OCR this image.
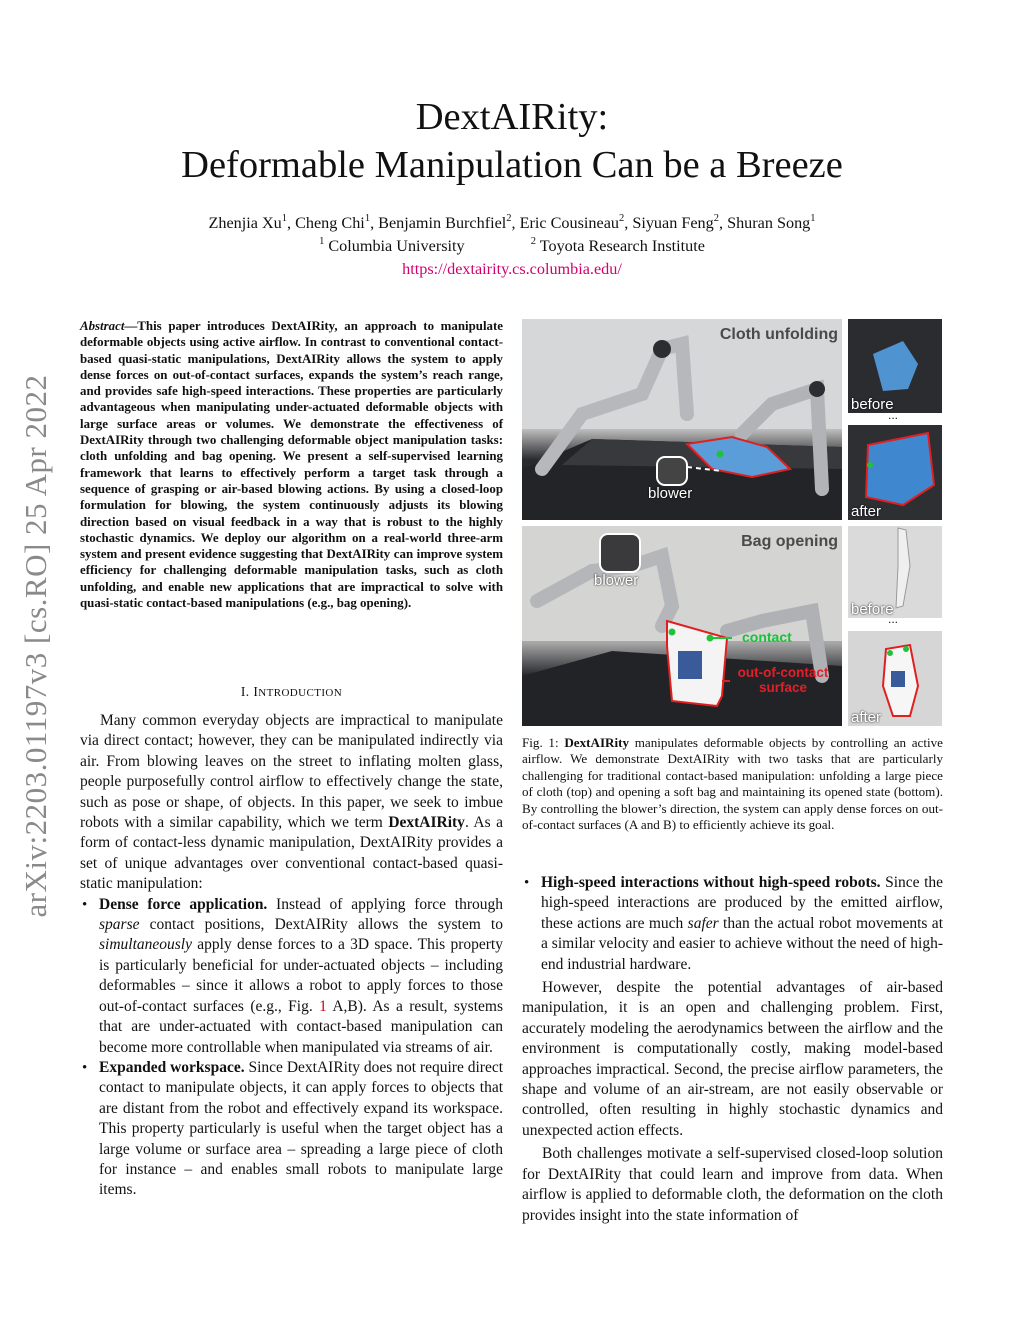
arXiv:2203.01197v3 [cs.RO] 25 Apr 2022
DextAIRity:
Deformable Manipulation Can be a Breeze
Zhenjia Xu$^1$, Cheng Chi$^1$, Benjamin Burchfiel$^2$, Eric Cousineau$^2$, Siyuan Feng$^2$, Shuran Song$^1$
$^1$ Columbia University	$^2$ Toyota Research Institute
https://dextairity.cs.columbia.edu/
Abstract—This paper introduces DextAIRity, an approach to manipulate deformable objects using active airflow. In contrast to conventional contact-based quasi-static manipulations, DextAIRity allows the system to apply dense forces on out-of-contact surfaces, expands the system’s reach range, and provides safe high-speed interactions. These properties are particularly advantageous when manipulating under-actuated deformable objects with large surface areas or volumes. We demonstrate the effectiveness of DextAIRity through two challenging deformable object manipulation tasks: cloth unfolding and bag opening. We present a self-supervised learning framework that learns to effectively perform a target task through a sequence of grasping or air-based blowing actions. By using a closed-loop formulation for blowing, the system continuously adjusts its blowing direction based on visual feedback in a way that is robust to the highly stochastic dynamics. We deploy our algorithm on a real-world three-arm system and present evidence suggesting that DextAIRity can improve system efficiency for challenging deformable manipulation tasks, such as cloth unfolding, and enable new applications that are impractical to solve with quasi-static contact-based manipulations (e.g., bag opening).
I. INTRODUCTION

Many common everyday objects are impractical to manipulate via direct contact; however, they can be manipulated indirectly via air. From blowing leaves on the street to inflating molten glass, people purposefully control airflow to effectively change the state, such as pose or shape, of objects. In this paper, we seek to imbue robots with a similar capability, which we term DextAIRity. As a form of contact-less dynamic manipulation, DextAIRity provides a set of unique advantages over conventional contact-based quasi-static manipulation:

• Dense force application. Instead of applying force through sparse contact positions, DextAIRity allows the system to simultaneously apply dense forces to a 3D space. This property is particularly beneficial for under-actuated objects – including deformables – since it allows a robot to apply forces to those out-of-contact surfaces (e.g., Fig. 1 A,B). As a result, systems that are under-actuated with contact-based manipulation can become more controllable when manipulated via streams of air.
• Expanded workspace. Since DextAIRity does not require direct contact to manipulate objects, it can apply forces to objects that are distant from the robot and effectively expand its workspace. This property particularly is useful when the target object has a large volume or surface area – spreading a large piece of cloth for instance – and enables small robots to manipulate large items.
Cloth unfolding
blower
before
...
after
Bag opening
blower
contact
out-of-contact
surface
before
...
after
Fig. 1: DextAIRity manipulates deformable objects by controlling an active airflow. We demonstrate DextAIRity with two tasks that are particularly challenging for traditional contact-based manipulation: unfolding a large piece of cloth (top) and opening a soft bag and maintaining its opened state (bottom). By controlling the blower’s direction, the system can apply dense forces on out-of-contact surfaces (A and B) to efficiently achieve its goal.
• High-speed interactions without high-speed robots. Since the high-speed interactions are produced by the emitted airflow, these actions are much safer than the actual robot movements at a similar velocity and easier to achieve without the need of high-end industrial hardware.

However, despite the potential advantages of air-based manipulation, it is an open and challenging problem. First, accurately modeling the aerodynamics between the airflow and the environment is computationally costly, making model-based approaches impractical. Second, the precise airflow parameters, the shape and volume of an air-stream, are not easily observable or controlled, often resulting in highly stochastic dynamics and unexpected action effects.

Both challenges motivate a self-supervised closed-loop solution for DextAIRity that could learn and improve from data. When airflow is applied to deformable cloth, the deformation on the cloth provides insight into the state information of
